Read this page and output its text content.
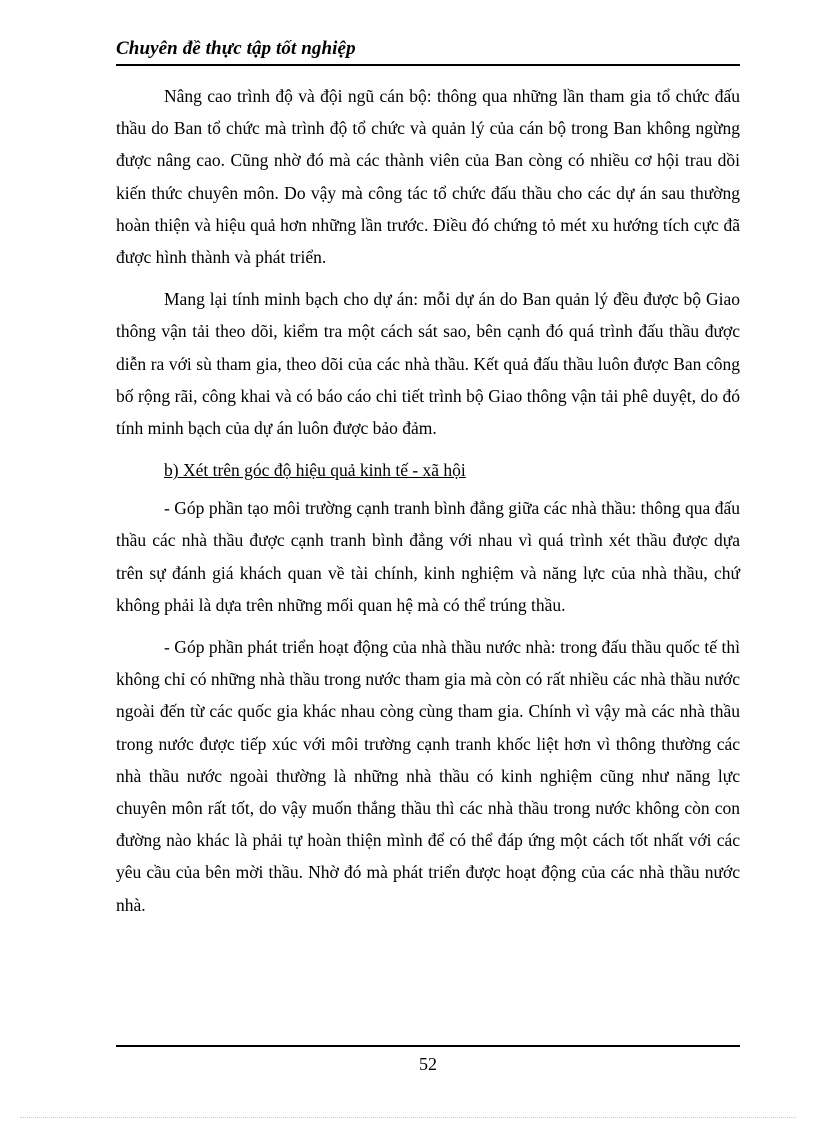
Chuyên đề thực tập tốt nghiệp

Nâng cao trình độ và đội ngũ cán bộ: thông qua những lần tham gia tổ chức đấu thầu do Ban tổ chức mà trình độ tổ chức và quản lý của cán bộ trong Ban không ngừng được nâng cao. Cũng nhờ đó mà các thành viên của Ban còng có nhiều cơ hội trau dồi kiến thức chuyên môn. Do vậy mà công tác tổ chức đấu thầu cho các dự án sau thường hoàn thiện và hiệu quả hơn những lần trước. Điều đó chứng tỏ mét xu hướng tích cực đã được hình thành và phát triển.

Mang lại tính minh bạch cho dự án: mỗi dự án do Ban quản lý đều được bộ Giao thông vận tải theo dõi, kiểm tra một cách sát sao, bên cạnh đó quá trình đấu thầu được diễn ra với sù tham gia, theo dõi của các nhà thầu. Kết quả đấu thầu luôn được Ban công bố rộng rãi, công khai và có báo cáo chi tiết trình bộ Giao thông vận tải phê duyệt, do đó tính minh bạch của dự án luôn được bảo đảm.

b) Xét trên góc độ hiệu quả kinh tế - xã hội

- Góp phần tạo môi trường cạnh tranh bình đẳng giữa các nhà thầu: thông qua đấu thầu các nhà thầu được cạnh tranh bình đẳng với nhau vì quá trình xét thầu được dựa trên sự đánh giá khách quan về tài chính, kinh nghiệm và năng lực của nhà thầu, chứ không phải là dựa trên những mối quan hệ mà có thể trúng thầu.

- Góp phần phát triển hoạt động của nhà thầu nước nhà: trong đấu thầu quốc tế thì không chỉ có những nhà thầu trong nước tham gia mà còn có rất nhiều các nhà thầu nước ngoài đến từ các quốc gia khác nhau còng cùng tham gia. Chính vì vậy mà các nhà thầu trong nước được tiếp xúc với môi trường cạnh tranh khốc liệt hơn vì thông thường các nhà thầu nước ngoài thường là những nhà thầu có kinh nghiệm cũng như năng lực chuyên môn rất tốt, do vậy muốn thắng thầu thì các nhà thầu trong nước không còn con đường nào khác là phải tự hoàn thiện mình để có thể đáp ứng một cách tốt nhất với các yêu cầu của bên mời thầu. Nhờ đó mà phát triển được hoạt động của các nhà thầu nước nhà.

52
